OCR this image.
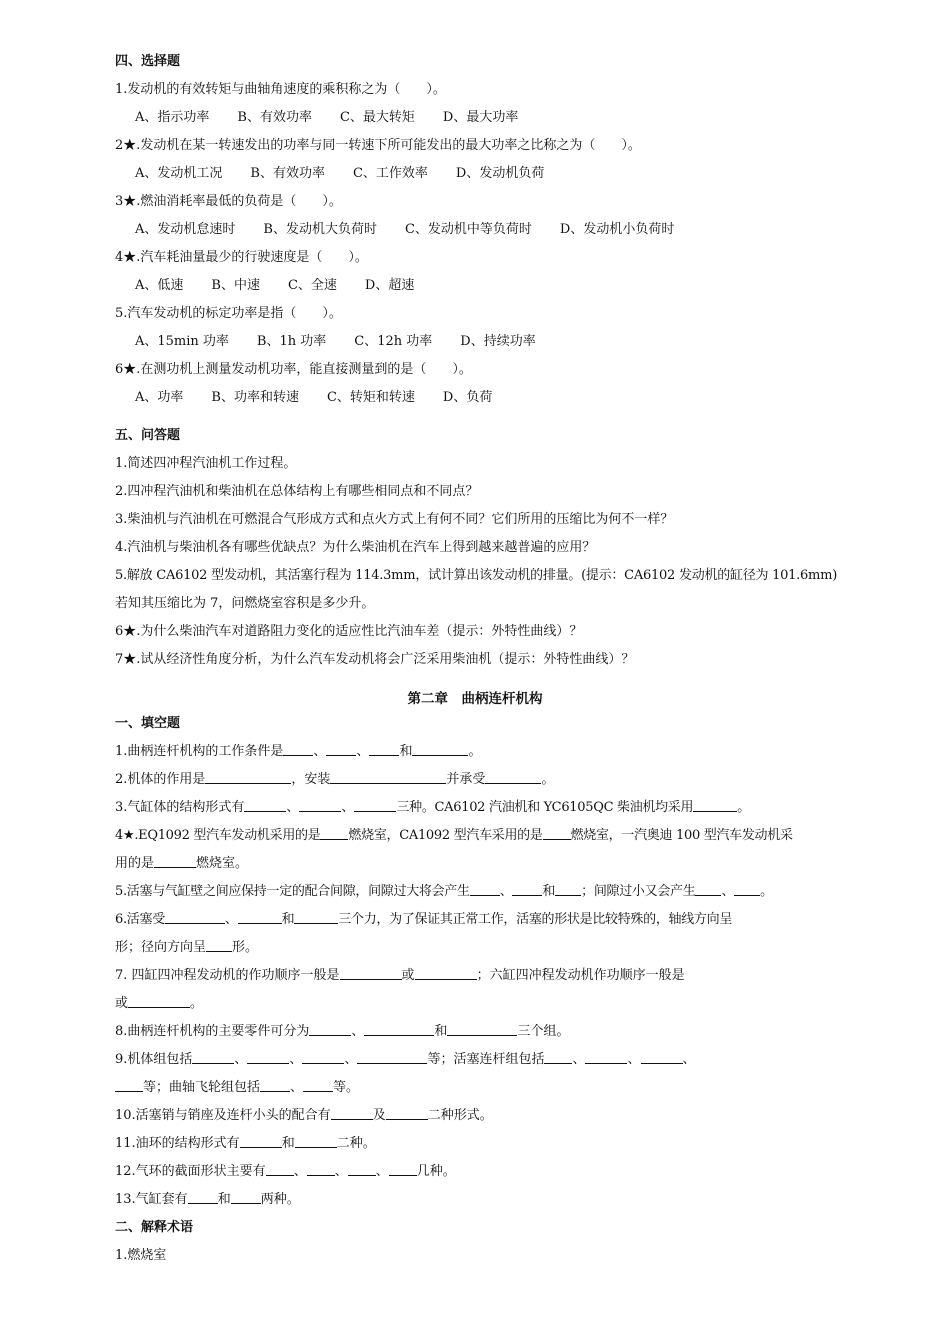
四、选择题
1.发动机的有效转矩与曲轴角速度的乘积称之为（　　）。
A、指示功率 B、有效功率 C、最大转矩 D、最大功率
2★.发动机在某一转速发出的功率与同一转速下所可能发出的最大功率之比称之为（　　）。
A、发动机工况 B、有效功率 C、工作效率 D、发动机负荷
3★.燃油消耗率最低的负荷是（　　）。
A、发动机怠速时 B、发动机大负荷时 C、发动机中等负荷时 D、发动机小负荷时
4★.汽车耗油量最少的行驶速度是（　　）。
A、低速 B、中速 C、全速 D、超速
5.汽车发动机的标定功率是指（　　）。
A、15min 功率 B、1h 功率 C、12h 功率 D、持续功率
6★.在测功机上测量发动机功率，能直接测量到的是（　　）。
A、功率 B、功率和转速 C、转矩和转速 D、负荷
五、问答题
1.简述四冲程汽油机工作过程。
2.四冲程汽油机和柴油机在总体结构上有哪些相同点和不同点？
3.柴油机与汽油机在可燃混合气形成方式和点火方式上有何不同？它们所用的压缩比为何不一样？
4.汽油机与柴油机各有哪些优缺点？为什么柴油机在汽车上得到越来越普遍的应用？
5.解放 CA6102 型发动机，其活塞行程为 114.3mm，试计算出该发动机的排量。(提示：CA6102 发动机的缸径为 101.6mm)
若知其压缩比为 7，问燃烧室容积是多少升。
6★.为什么柴油汽车对道路阻力变化的适应性比汽油车差（提示：外特性曲线）？
7★.试从经济性角度分析，为什么汽车发动机将会广泛采用柴油机（提示：外特性曲线）？
第二章　曲柄连杆机构
一、填空题
1.曲柄连杆机构的工作条件是 、 、 和	。
2.机体的作用是	，安装	并承受	。
3.气缸体的结构形式有	、	、	三种。CA6102 汽油机和 YC6105QC 柴油机均采用	。
4★.EQ1092 型汽车发动机采用的是 燃烧室，CA1092 型汽车采用的是 燃烧室，一汽奥迪 100 型汽车发动机采
用的是	燃烧室。
5.活塞与气缸壁之间应保持一定的配合间隙，间隙过大将会产生 、 和 ；间隙过小又会产生 、 。
6.活塞受	、	和	三个力，为了保证其正常工作，活塞的形状是比较特殊的，轴线方向呈
形；径向方向呈 形。
7. 四缸四冲程发动机的作功顺序一般是	或	；六缸四冲程发动机作功顺序一般是
或	。
8.曲柄连杆机构的主要零件可分为	、	和	三个组。
9.机体组包括	、	、	、	等；活塞连杆组包括 、	、	、
等；曲轴飞轮组包括 、 等。
10.活塞销与销座及连杆小头的配合有	及	二种形式。
11.油环的结构形式有	和	二种。
12.气环的截面形状主要有 、 、 、 几种。
13.气缸套有 和 两种。
二、解释术语
1.燃烧室
